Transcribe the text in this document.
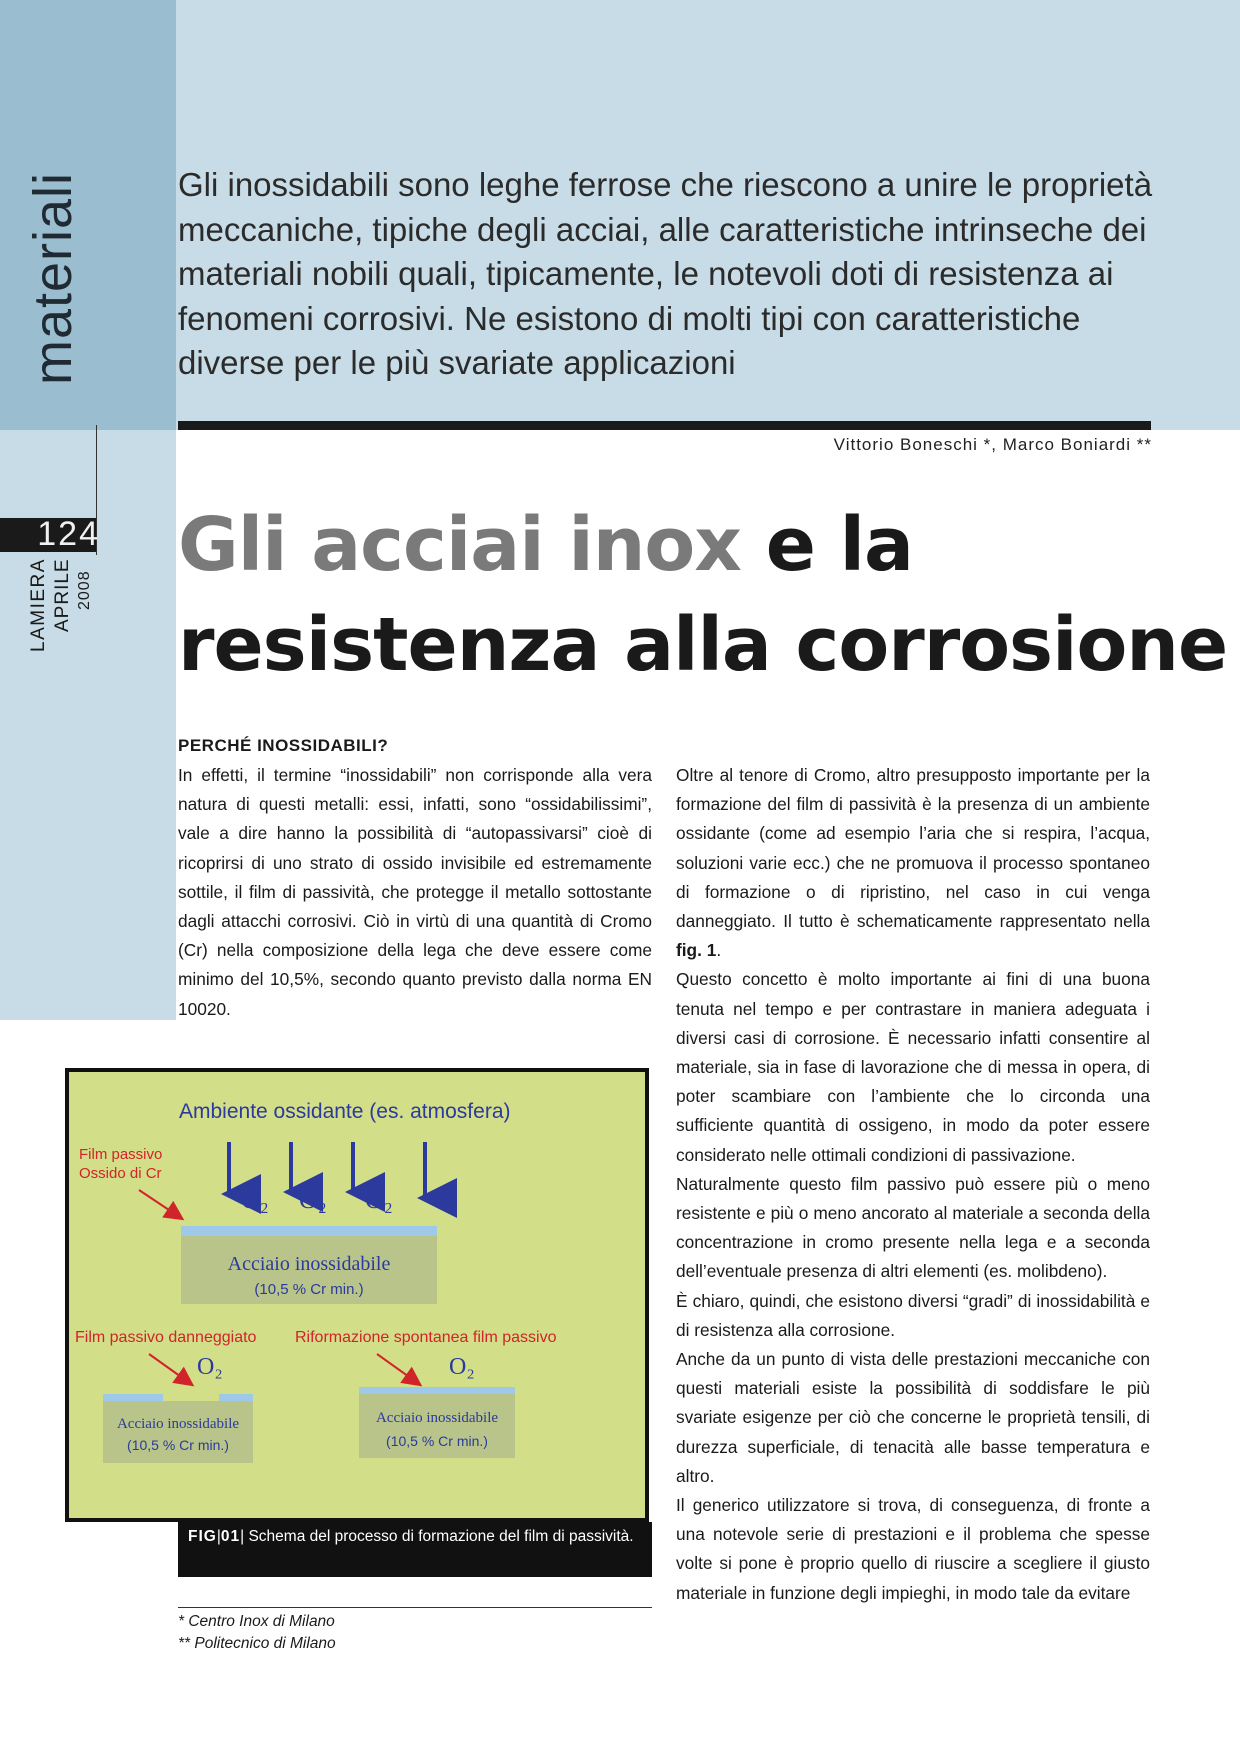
materiali
124
LAMIERA APRILE 2008
Gli inossidabili sono leghe ferrose che riescono a unire le proprietà meccaniche, tipiche degli acciai, alle caratteristiche intrinseche dei materiali nobili quali, tipicamente, le notevoli doti di resistenza ai fenomeni corrosivi. Ne esistono di molti tipi con caratteristiche diverse per le più svariate applicazioni
Vittorio Boneschi *, Marco Boniardi **
Gli acciai inox e la
resistenza alla corrosione
PERCHÉ INOSSIDABILI?
In effetti, il termine “inossidabili” non corrisponde alla vera natura di questi metalli: essi, infatti, sono “ossidabilissimi”, vale a dire hanno la possibilità di “autopassivarsi” cioè di ricoprirsi di uno strato di ossido invisibile ed estremamente sottile, il film di passività, che protegge il metallo sottostante dagli attacchi corrosivi. Ciò in virtù di una quantità di Cromo (Cr) nella composizione della lega che deve essere come minimo del 10,5%, secondo quanto previsto dalla norma EN 10020.
Oltre al tenore di Cromo, altro presupposto importante per la formazione del film di passività è la presenza di un ambiente ossidante (come ad esempio l’aria che si respira, l’acqua, soluzioni varie ecc.) che ne promuova il processo spontaneo di formazione o di ripristino, nel caso in cui venga danneggiato. Il tutto è schematicamente rappresentato nella fig. 1.
Questo concetto è molto importante ai fini di una buona tenuta nel tempo e per contrastare in maniera adeguata i diversi casi di corrosione. È necessario infatti consentire al materiale, sia in fase di lavorazione che di messa in opera, di poter scambiare con l’ambiente che lo circonda una sufficiente quantità di ossigeno, in modo da poter essere considerato nelle ottimali condizioni di passivazione.
Naturalmente questo film passivo può essere più o meno resistente e più o meno ancorato al materiale a seconda della concentrazione in cromo presente nella lega e a seconda dell’eventuale presenza di altri elementi (es. molibdeno).
È chiaro, quindi, che esistono diversi “gradi” di inossidabilità e di resistenza alla corrosione.
Anche da un punto di vista delle prestazioni meccaniche con questi materiali esiste la possibilità di soddisfare le più svariate esigenze per ciò che concerne le proprietà tensili, di durezza superficiale, di tenacità alle basse temperatura e altro.
Il generico utilizzatore si trova, di conseguenza, di fronte a una notevole serie di prestazioni e il problema che spesse volte si pone è proprio quello di riuscire a scegliere il giusto materiale in funzione degli impieghi, in modo tale da evitare
Ambiente ossidante (es. atmosfera)
Film passivo
Ossido di Cr
O₂ O₂ O₂
Acciaio inossidabile
(10,5 % Cr min.)
Film passivo danneggiato Riformazione spontanea film passivo
O₂	O₂
Acciaio inossidabile
(10,5 % Cr min.)
Acciaio inossidabile
(10,5 % Cr min.)
FIG|01| Schema del processo di formazione del film di passività.
* Centro Inox di Milano
** Politecnico di Milano
